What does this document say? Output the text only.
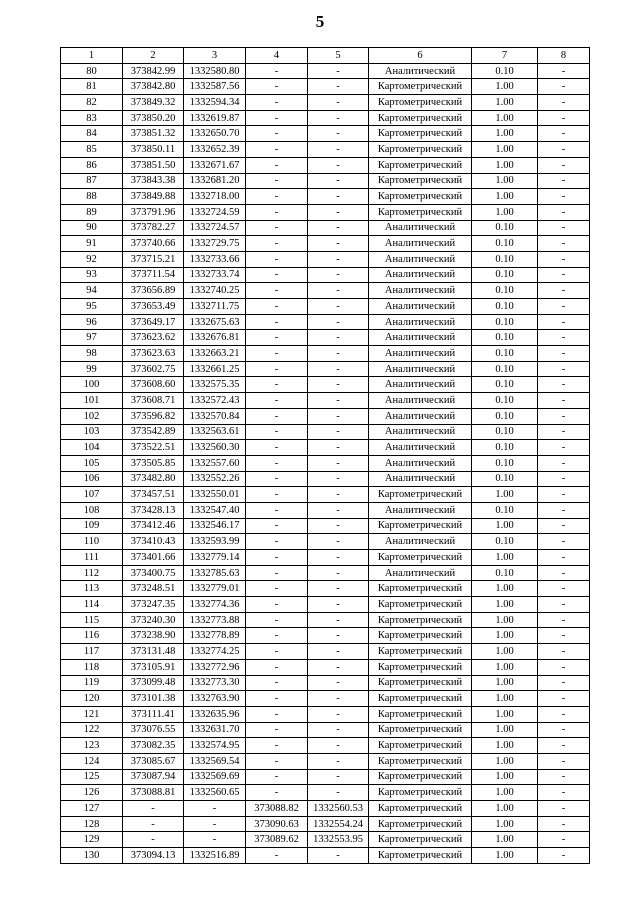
5
1	2	3	4	5	6	7	8
80	373842.99	1332580.80	-	-	Аналитический	0.10	-
81	373842.80	1332587.56	-	-	Картометрический	1.00	-
82	373849.32	1332594.34	-	-	Картометрический	1.00	-
83	373850.20	1332619.87	-	-	Картометрический	1.00	-
84	373851.32	1332650.70	-	-	Картометрический	1.00	-
85	373850.11	1332652.39	-	-	Картометрический	1.00	-
86	373851.50	1332671.67	-	-	Картометрический	1.00	-
87	373843.38	1332681.20	-	-	Картометрический	1.00	-
88	373849.88	1332718.00	-	-	Картометрический	1.00	-
89	373791.96	1332724.59	-	-	Картометрический	1.00	-
90	373782.27	1332724.57	-	-	Аналитический	0.10	-
91	373740.66	1332729.75	-	-	Аналитический	0.10	-
92	373715.21	1332733.66	-	-	Аналитический	0.10	-
93	373711.54	1332733.74	-	-	Аналитический	0.10	-
94	373656.89	1332740.25	-	-	Аналитический	0.10	-
95	373653.49	1332711.75	-	-	Аналитический	0.10	-
96	373649.17	1332675.63	-	-	Аналитический	0.10	-
97	373623.62	1332676.81	-	-	Аналитический	0.10	-
98	373623.63	1332663.21	-	-	Аналитический	0.10	-
99	373602.75	1332661.25	-	-	Аналитический	0.10	-
100	373608.60	1332575.35	-	-	Аналитический	0.10	-
101	373608.71	1332572.43	-	-	Аналитический	0.10	-
102	373596.82	1332570.84	-	-	Аналитический	0.10	-
103	373542.89	1332563.61	-	-	Аналитический	0.10	-
104	373522.51	1332560.30	-	-	Аналитический	0.10	-
105	373505.85	1332557.60	-	-	Аналитический	0.10	-
106	373482.80	1332552.26	-	-	Аналитический	0.10	-
107	373457.51	1332550.01	-	-	Картометрический	1.00	-
108	373428.13	1332547.40	-	-	Аналитический	0.10	-
109	373412.46	1332546.17	-	-	Картометрический	1.00	-
110	373410.43	1332593.99	-	-	Аналитический	0.10	-
111	373401.66	1332779.14	-	-	Картометрический	1.00	-
112	373400.75	1332785.63	-	-	Аналитический	0.10	-
113	373248.51	1332779.01	-	-	Картометрический	1.00	-
114	373247.35	1332774.36	-	-	Картометрический	1.00	-
115	373240.30	1332773.88	-	-	Картометрический	1.00	-
116	373238.90	1332778.89	-	-	Картометрический	1.00	-
117	373131.48	1332774.25	-	-	Картометрический	1.00	-
118	373105.91	1332772.96	-	-	Картометрический	1.00	-
119	373099.48	1332773.30	-	-	Картометрический	1.00	-
120	373101.38	1332763.90	-	-	Картометрический	1.00	-
121	373111.41	1332635.96	-	-	Картометрический	1.00	-
122	373076.55	1332631.70	-	-	Картометрический	1.00	-
123	373082.35	1332574.95	-	-	Картометрический	1.00	-
124	373085.67	1332569.54	-	-	Картометрический	1.00	-
125	373087.94	1332569.69	-	-	Картометрический	1.00	-
126	373088.81	1332560.65	-	-	Картометрический	1.00	-
127	-	-	373088.82	1332560.53	Картометрический	1.00	-
128	-	-	373090.63	1332554.24	Картометрический	1.00	-
129	-	-	373089.62	1332553.95	Картометрический	1.00	-
130	373094.13	1332516.89	-	-	Картометрический	1.00	-
